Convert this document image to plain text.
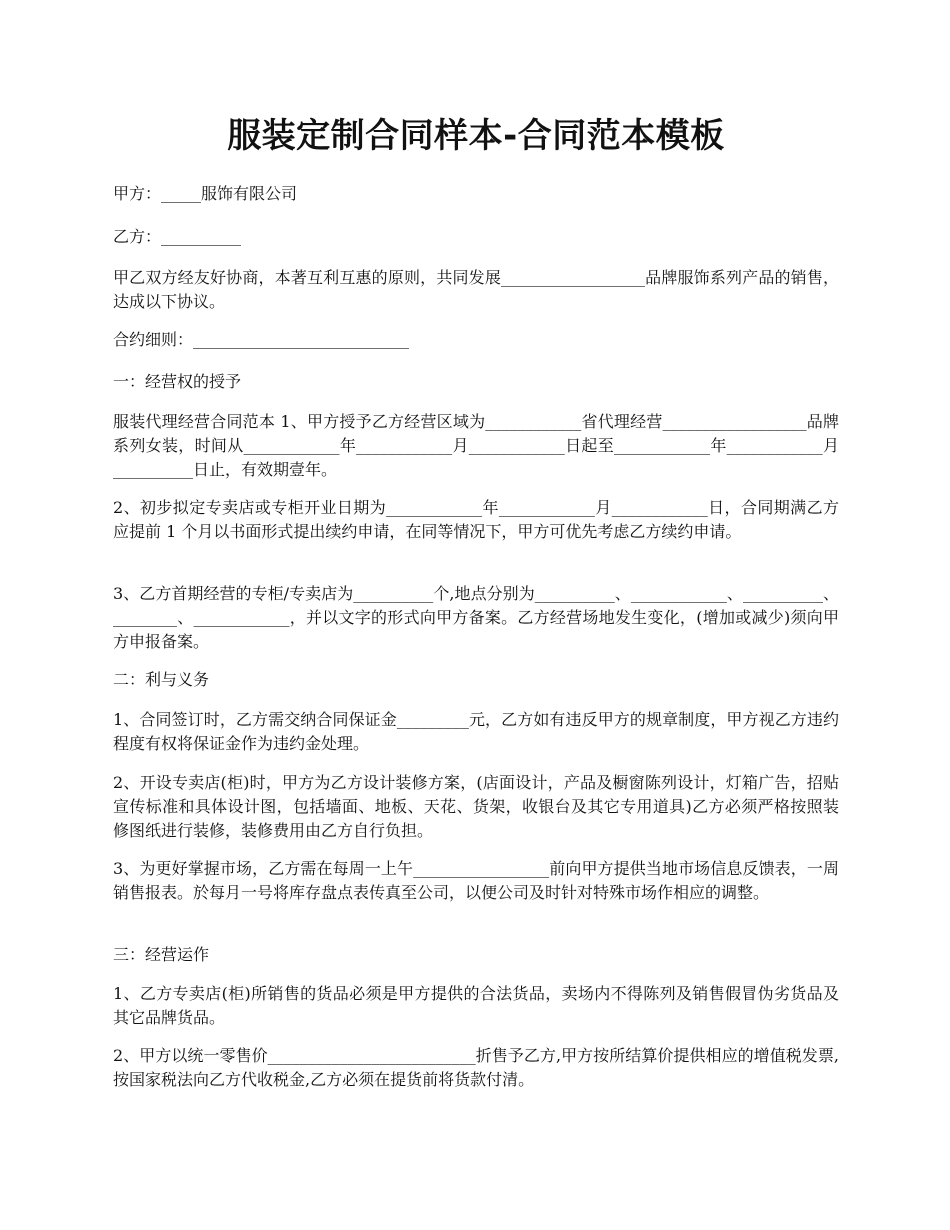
服装定制合同样本-合同范本模板

甲方：_____服饰有限公司

乙方：__________

甲乙双方经友好协商，本著互利互惠的原则，共同发展__________________品牌服饰系列产品的销售，达成以下协议。

合约细则：___________________________

一：经营权的授予

服装代理经营合同范本 1、甲方授予乙方经营区域为____________省代理经营__________________品牌系列女装，时间从____________年____________月____________日起至____________年____________月__________日止，有效期壹年。

2、初步拟定专卖店或专柜开业日期为____________年____________月____________日，合同期满乙方应提前 1 个月以书面形式提出续约申请，在同等情况下，甲方可优先考虑乙方续约申请。

3、乙方首期经营的专柜/专卖店为__________个,地点分别为__________、____________、__________、________、____________，并以文字的形式向甲方备案。乙方经营场地发生变化，(增加或减少)须向甲方申报备案。

二：利与义务

1、合同签订时，乙方需交纳合同保证金_________元，乙方如有违反甲方的规章制度，甲方视乙方违约程度有权将保证金作为违约金处理。

2、开设专卖店(柜)时，甲方为乙方设计装修方案，(店面设计，产品及橱窗陈列设计，灯箱广告，招贴宣传标准和具体设计图，包括墙面、地板、天花、货架，收银台及其它专用道具)乙方必须严格按照装修图纸进行装修，装修费用由乙方自行负担。

3、为更好掌握市场，乙方需在每周一上午_________________前向甲方提供当地市场信息反馈表，一周销售报表。於每月一号将库存盘点表传真至公司，以便公司及时针对特殊市场作相应的调整。

三：经营运作

1、乙方专卖店(柜)所销售的货品必须是甲方提供的合法货品，卖场内不得陈列及销售假冒伪劣货品及其它品牌货品。

2、甲方以统一零售价__________________________折售予乙方,甲方按所结算价提供相应的增值税发票,按国家税法向乙方代收税金,乙方必须在提货前将货款付清。
